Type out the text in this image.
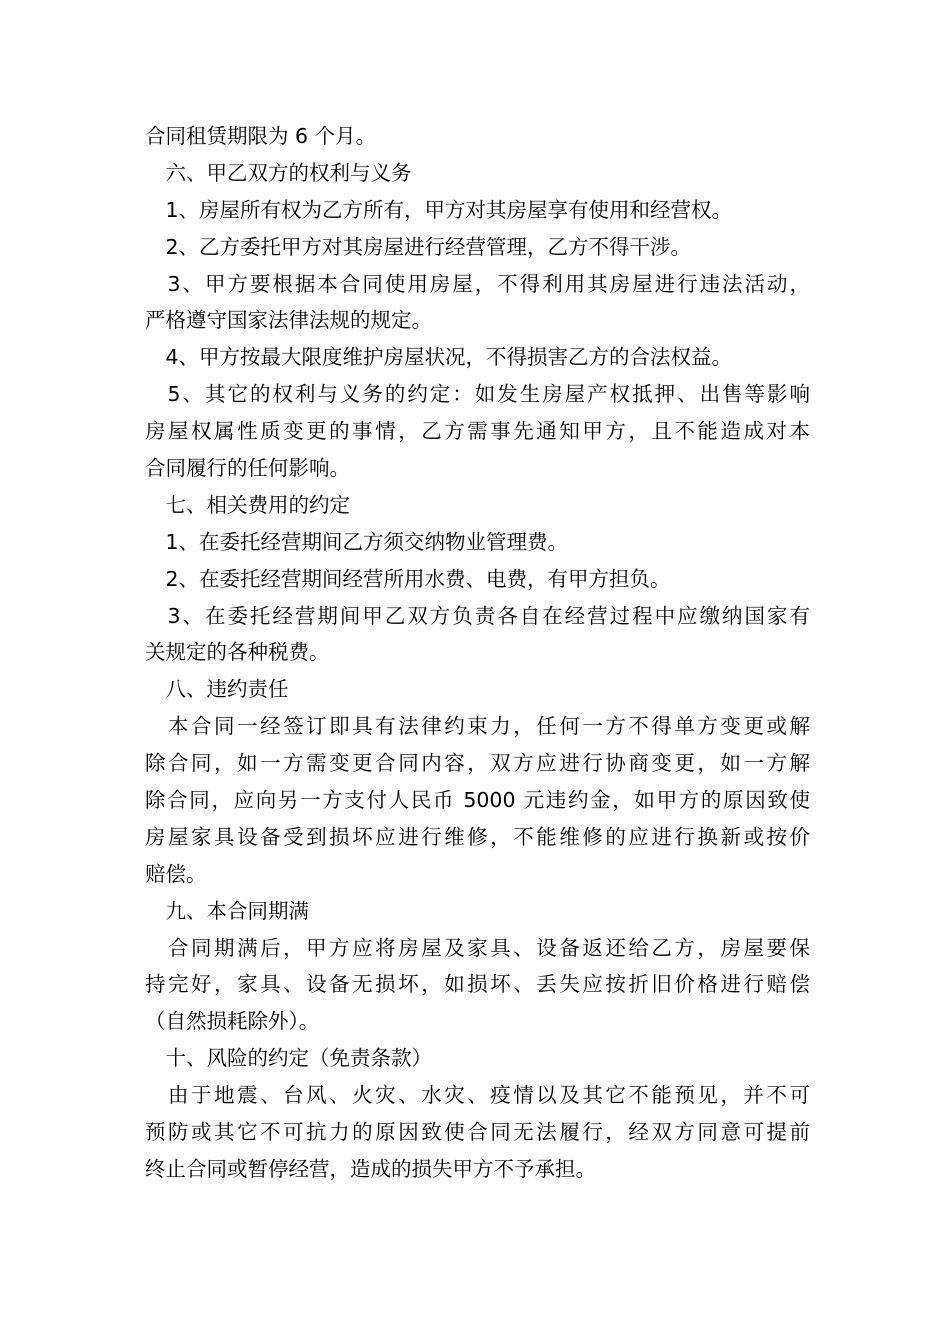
合同租赁期限为 6 个月。
　六、甲乙双方的权利与义务
　1、房屋所有权为乙方所有，甲方对其房屋享有使用和经营权。
　2、乙方委托甲方对其房屋进行经营管理，乙方不得干涉。
　3、甲方要根据本合同使用房屋，不得利用其房屋进行违法活动，
严格遵守国家法律法规的规定。
　4、甲方按最大限度维护房屋状况，不得损害乙方的合法权益。
　5、其它的权利与义务的约定：如发生房屋产权抵押、出售等影响
房屋权属性质变更的事情，乙方需事先通知甲方，且不能造成对本
合同履行的任何影响。
　七、相关费用的约定
　1、在委托经营期间乙方须交纳物业管理费。
　2、在委托经营期间经营所用水费、电费，有甲方担负。
　3、在委托经营期间甲乙双方负责各自在经营过程中应缴纳国家有
关规定的各种税费。
　八、违约责任
　本合同一经签订即具有法律约束力，任何一方不得单方变更或解
除合同，如一方需变更合同内容，双方应进行协商变更，如一方解
除合同，应向另一方支付人民币 5000 元违约金，如甲方的原因致使
房屋家具设备受到损坏应进行维修，不能维修的应进行换新或按价
赔偿。
　九、本合同期满
　合同期满后，甲方应将房屋及家具、设备返还给乙方，房屋要保
持完好，家具、设备无损坏，如损坏、丢失应按折旧价格进行赔偿
（自然损耗除外）。
　十、风险的约定（免责条款）
　由于地震、台风、火灾、水灾、疫情以及其它不能预见，并不可
预防或其它不可抗力的原因致使合同无法履行，经双方同意可提前
终止合同或暂停经营，造成的损失甲方不予承担。
